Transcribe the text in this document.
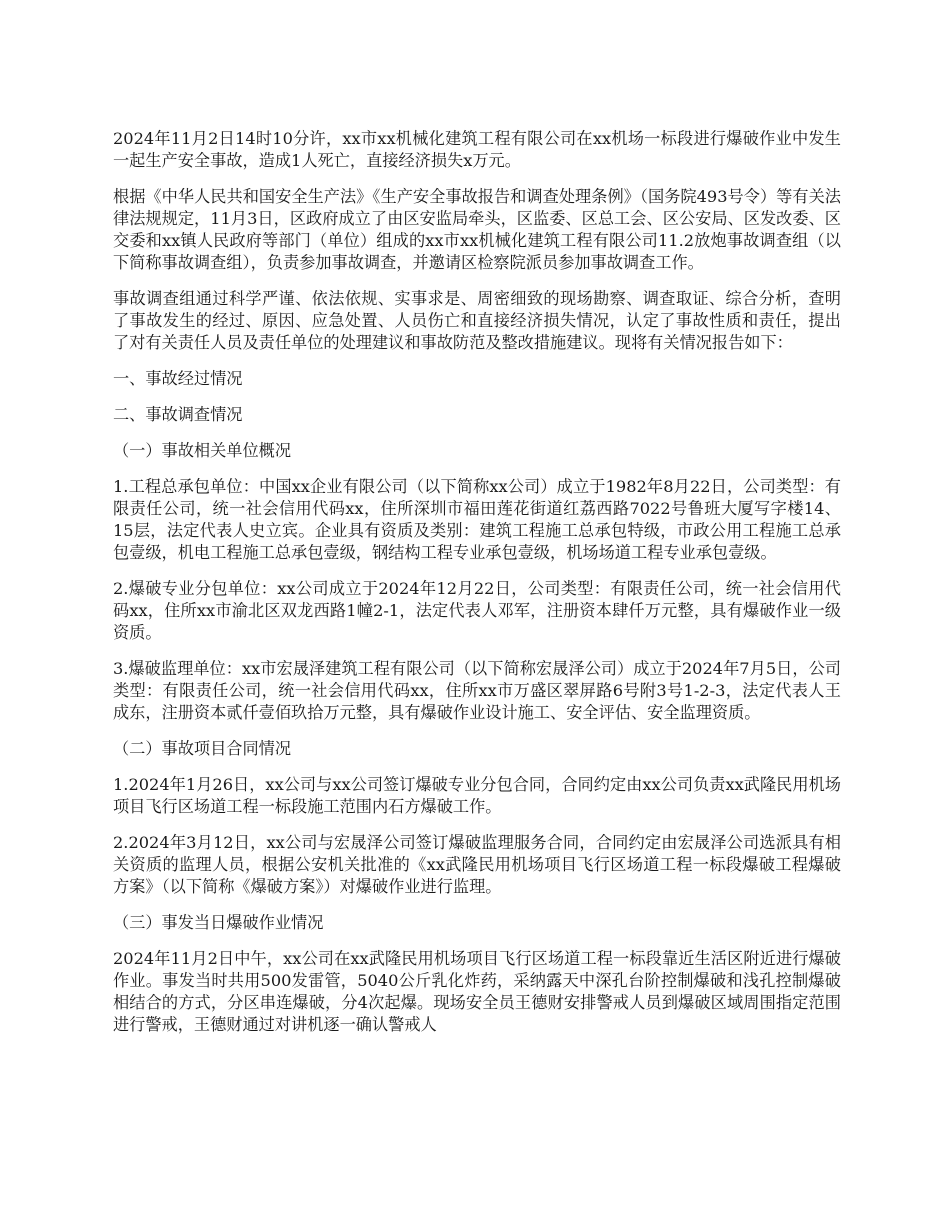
2024年11月2日14时10分许，xx市xx机械化建筑工程有限公司在xx机场一标段进行爆破作业中发生一起生产安全事故，造成1人死亡，直接经济损失x万元。

根据《中华人民共和国安全生产法》《生产安全事故报告和调查处理条例》（国务院493号令）等有关法律法规规定，11月3日，区政府成立了由区安监局牵头，区监委、区总工会、区公安局、区发改委、区交委和xx镇人民政府等部门（单位）组成的xx市xx机械化建筑工程有限公司11.2放炮事故调查组（以下简称事故调查组），负责参加事故调查，并邀请区检察院派员参加事故调查工作。

事故调查组通过科学严谨、依法依规、实事求是、周密细致的现场勘察、调查取证、综合分析，查明了事故发生的经过、原因、应急处置、人员伤亡和直接经济损失情况，认定了事故性质和责任，提出了对有关责任人员及责任单位的处理建议和事故防范及整改措施建议。现将有关情况报告如下：

一、事故经过情况

二、事故调查情况

（一）事故相关单位概况

1.工程总承包单位：中国xx企业有限公司（以下简称xx公司）成立于1982年8月22日，公司类型：有限责任公司，统一社会信用代码xx，住所深圳市福田莲花街道红荔西路7022号鲁班大厦写字楼14、15层，法定代表人史立宾。企业具有资质及类别：建筑工程施工总承包特级，市政公用工程施工总承包壹级，机电工程施工总承包壹级，钢结构工程专业承包壹级，机场场道工程专业承包壹级。

2.爆破专业分包单位：xx公司成立于2024年12月22日，公司类型：有限责任公司，统一社会信用代码xx，住所xx市渝北区双龙西路1幢2-1，法定代表人邓军，注册资本肆仟万元整，具有爆破作业一级资质。

3.爆破监理单位：xx市宏晟泽建筑工程有限公司（以下简称宏晟泽公司）成立于2024年7月5日，公司类型：有限责任公司，统一社会信用代码xx，住所xx市万盛区翠屏路6号附3号1-2-3，法定代表人王成东，注册资本贰仟壹佰玖拾万元整，具有爆破作业设计施工、安全评估、安全监理资质。

（二）事故项目合同情况

1.2024年1月26日，xx公司与xx公司签订爆破专业分包合同，合同约定由xx公司负责xx武隆民用机场项目飞行区场道工程一标段施工范围内石方爆破工作。

2.2024年3月12日，xx公司与宏晟泽公司签订爆破监理服务合同，合同约定由宏晟泽公司选派具有相关资质的监理人员，根据公安机关批准的《xx武隆民用机场项目飞行区场道工程一标段爆破工程爆破方案》（以下简称《爆破方案》）对爆破作业进行监理。

（三）事发当日爆破作业情况

2024年11月2日中午，xx公司在xx武隆民用机场项目飞行区场道工程一标段靠近生活区附近进行爆破作业。事发当时共用500发雷管，5040公斤乳化炸药，采纳露天中深孔台阶控制爆破和浅孔控制爆破相结合的方式，分区串连爆破，分4次起爆。现场安全员王德财安排警戒人员到爆破区域周围指定范围进行警戒，王德财通过对讲机逐一确认警戒人
